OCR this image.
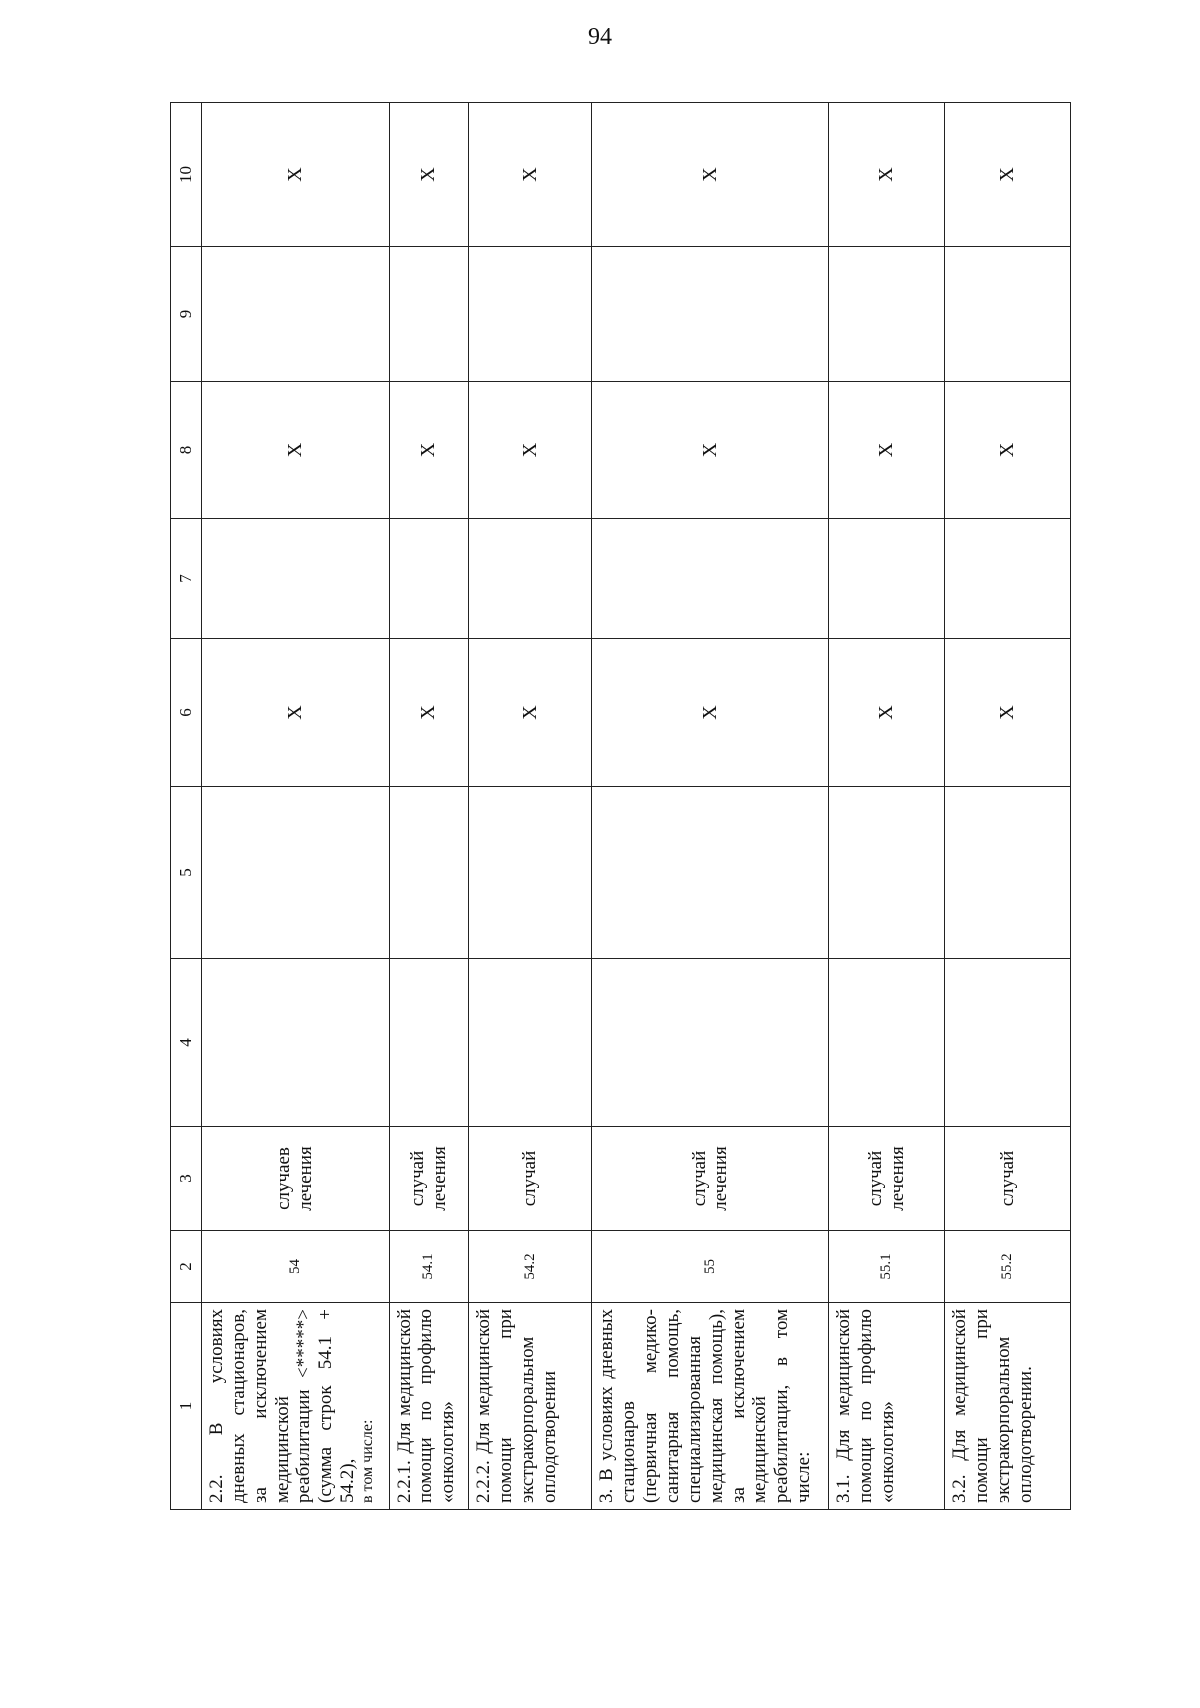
94
1	2	3	4	5	6	7	8	9	10
2.2. В условиях дневных стационаров, за исключением медицинской реабилитации <*****> (сумма строк 54.1 + 54.2), в том числе:	54	случаев лечения			X		X		X
2.2.1. Для медицинской помощи по профилю «онкология»	54.1	случай лечения			X		X		X
2.2.2. Для медицинской помощи при экстракорпоральном оплодотворении	54.2	случай			X		X		X
3. В условиях дневных стационаров (первичная медико-санитарная помощь, специализированная медицинская помощь), за исключением медицинской реабилитации, в том числе:	55	случай лечения			X		X		X
3.1. Для медицинской помощи по профилю «онкология»	55.1	случай лечения			X		X		X
3.2. Для медицинской помощи при экстракорпоральном оплодотворении.	55.2	случай			X		X		X
